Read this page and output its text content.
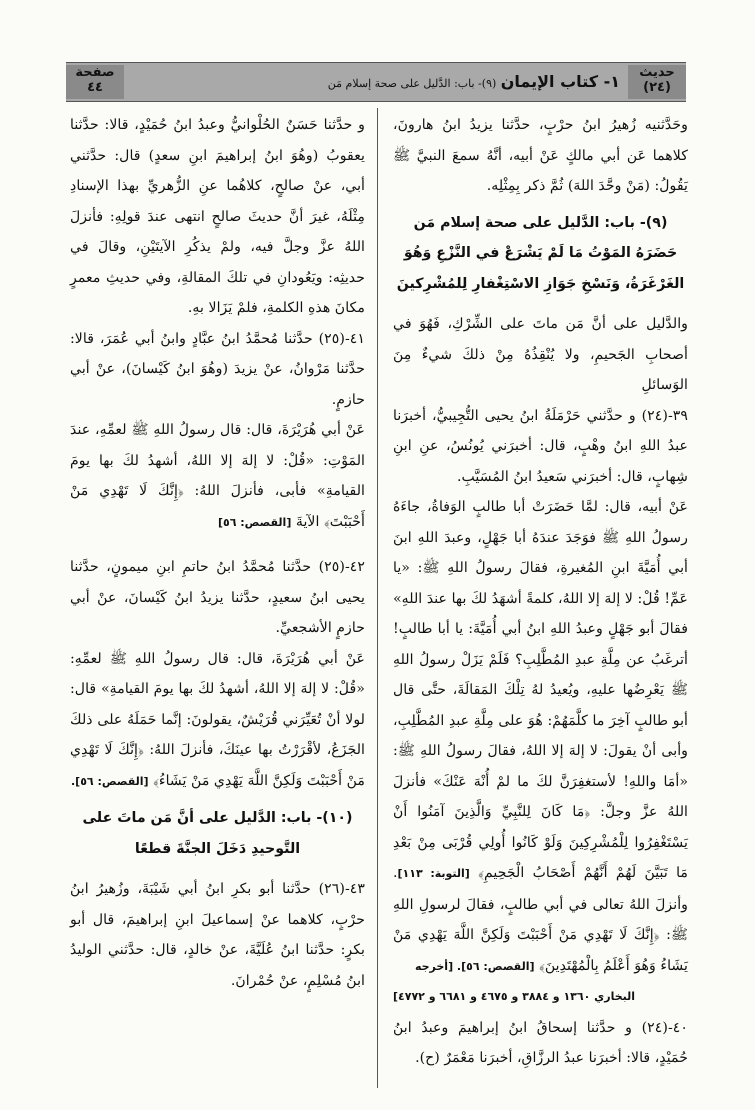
صفحة
٤٤	١- كتاب الإيمان (٩)- باب: الدَّليل على صحة إسلام مَن
حديث
(٢٤)

وحَدَّثنيه زُهيرُ ابنُ حرْبٍ، حدَّثنا يزيدُ ابنُ هارونَ، كلاهما عَن أبي مالكٍ عَنْ أبيه، أنَّهُ سمعَ النبيَّ ﷺ يَقُولُ: (مَنْ وحَّدَ اللهَ) ثُمَّ ذكر بِمِثْلِه.

(٩)- باب: الدَّليل على صحة إسلام مَن حَضَرَهُ المَوْتُ مَا لَمْ يَشْرَعْ في النَّزْعِ وَهُوَ الغَرْغَرَةُ، وَنَسْخِ جَوَازِ الاسْتِغْفارِ لِلمُشْرِكينَ

والدَّليل على أنَّ مَن ماتَ على الشِّرْكِ، فَهُوَ في أصحابِ الجَحيمِ، ولا يُنْقِذُهُ مِنْ ذلكَ شيءٌ مِنَ الوَسائلِ

٣٩-(٢٤) و حدَّثني حَرْمَلَةُ ابنُ يحيى التُّجِيبيُّ، أخبرَنا عبدُ اللهِ ابنُ وهْبٍ، قال: أخبرَني يُونُسُ، عنِ ابنِ شِهابٍ، قال: أخبرَني سَعيدُ ابنُ المُسَيَّبِ.

عَنْ أبيه، قال: لمَّا حَضَرَتْ أبا طالبٍ الوَفاةُ، جاءَهُ رسولُ اللهِ ﷺ فوَجَدَ عندَهُ أبا جَهْلٍ، وعبدَ اللهِ ابنَ أبي أُمَيَّةَ ابنِ المُغيرةِ، فقالَ رسولُ اللهِ ﷺ: «يا عَمِّ! قُلْ: لا إلهَ إلا اللهُ، كلمةً أشهَدُ لكَ بها عندَ اللهِ» فقالَ أبو جَهْلٍ وعبدُ اللهِ ابنُ أبي أُمَيَّةَ: يا أبا طالبٍ! أترغَبُ عن مِلَّةِ عبدِ المُطَّلِبِ؟ فَلَمْ يَزَلْ رسولُ اللهِ ﷺ يَعْرِضُها عليهِ، ويُعيدُ لهُ تِلْكَ المَقالَةَ، حتَّى قال أبو طالبٍ آخِرَ ما كلَّمَهُمْ: هُوَ على مِلَّةِ عبدِ المُطَّلِبِ، وأبى أنْ يقولَ: لا إلهَ إلا اللهُ، فقالَ رسولُ اللهِ ﷺ: «أمَا واللهِ! لأستغفِرَنَّ لكَ ما لمْ أُنْهَ عَنْكَ» فأنزلَ اللهُ عزَّ وجلَّ: ﴿مَا كَانَ لِلنَّبِيِّ وَالَّذِينَ آمَنُوا أَنْ يَسْتَغْفِرُوا لِلْمُشْرِكِينَ وَلَوْ كَانُوا أُولِي قُرْبَى مِنْ بَعْدِ مَا تَبَيَّنَ لَهُمْ أَنَّهُمْ أَصْحَابُ الْجَحِيمِ﴾ [التوبة: ١١٣]. وأنزلَ اللهُ تعالى في أبي طالبٍ، فقالَ لرسولِ اللهِ ﷺ: ﴿إِنَّكَ لَا تَهْدِي مَنْ أَحْبَبْتَ وَلَكِنَّ اللَّهَ يَهْدِي مَنْ يَشَاءُ وَهُوَ أَعْلَمُ بِالْمُهْتَدِينَ﴾ [القصص: ٥٦]. [أخرجه

البخاري ١٣٦٠ و ٣٨٨٤ و ٤٦٧٥ و ٦٦٨١ و ٤٧٧٢]

٤٠-(٢٤) و حدَّثنا إسحاقُ ابنُ إبراهيمَ وعبدُ ابنُ حُمَيْدٍ، قالا: أخبرَنا عبدُ الرزَّاقِ، أخبرَنا مَعْمَرٌ (ح).

و حدَّثنا حَسَنٌ الحُلْوانيُّ وعبدُ ابنُ حُمَيْدٍ، قالا: حدَّثنا يعقوبُ (وهُوَ ابنُ إبراهيمَ ابنِ سعدٍ) قال: حدَّثني أبي، عنْ صالحٍ، كلاهُما عنِ الزُّهريِّ بهذا الإسنادِ مِثْلَهُ، غيرَ أنَّ حديثَ صالحٍ انتهى عندَ قولِهِ: فأنزلَ اللهُ عزَّ وجلَّ فيه، ولمْ يذكُرِ الآيتَيْنِ، وقالَ في حديثِه: ويَعُودانِ في تلكَ المقالةِ، وفي حديثِ معمرٍ مكانَ هذهِ الكلمةِ، فلمْ يَزَالا بهِ.

٤١-(٢٥) حدَّثنا مُحمَّدُ ابنُ عبَّادٍ وابنُ أبي عُمَرَ، قالا: حدَّثنا مَرْوانُ، عنْ يزيدَ (وهُوَ ابنُ كَيْسانَ)، عنْ أبي حازمٍ.

عَنْ أبي هُرَيْرَةَ، قال: قال رسولُ اللهِ ﷺ لعمِّهِ، عندَ المَوْتِ: «قُلْ: لا إلهَ إلا اللهُ، أشهدُ لكَ بها يومَ القيامةِ» فأبى، فأنزلَ اللهُ: ﴿إِنَّكَ لَا تَهْدِي مَنْ أَحْبَبْتَ﴾ الآيةَ [القصص: ٥٦]

٤٢-(٢٥) حدَّثنا مُحمَّدُ ابنُ حاتمِ ابنِ ميمونٍ، حدَّثنا يحيى ابنُ سعيدٍ، حدَّثنا يزيدُ ابنُ كَيْسانَ، عنْ أبي حازمٍ الأشجعيِّ.

عَنْ أبي هُرَيْرَةَ، قال: قال رسولُ اللهِ ﷺ لعمِّهِ: «قُلْ: لا إلهَ إلا اللهُ، أشهدُ لكَ بها يومَ القيامةِ» قال: لولا أنْ تُعَيِّرَني قُرَيْشٌ، يقولونَ: إنَّما حَمَلَهُ على ذلكَ الجَزَعُ، لأقْرَرْتُ بها عينَكَ، فأنزلَ اللهُ: ﴿إِنَّكَ لَا تَهْدِي مَنْ أَحْبَبْتَ وَلَكِنَّ اللَّهَ يَهْدِي مَنْ يَشَاءُ﴾ [القصص: ٥٦].

(١٠)- باب: الدَّليل على أنَّ مَن ماتَ على التَّوحيدِ دَخَلَ الجنَّةَ قطعًا

٤٣-(٢٦) حدَّثنا أبو بكرِ ابنُ أبي شَيْبَةَ، وزُهيرُ ابنُ حرْبٍ، كلاهما عنْ إسماعيلَ ابنِ إبراهيمَ، قال أبو بكرٍ: حدَّثنا ابنُ عُلَيَّةَ، عنْ خالدٍ، قال: حدَّثني الوليدُ ابنُ مُسْلِمٍ، عنْ حُمْرانَ.
